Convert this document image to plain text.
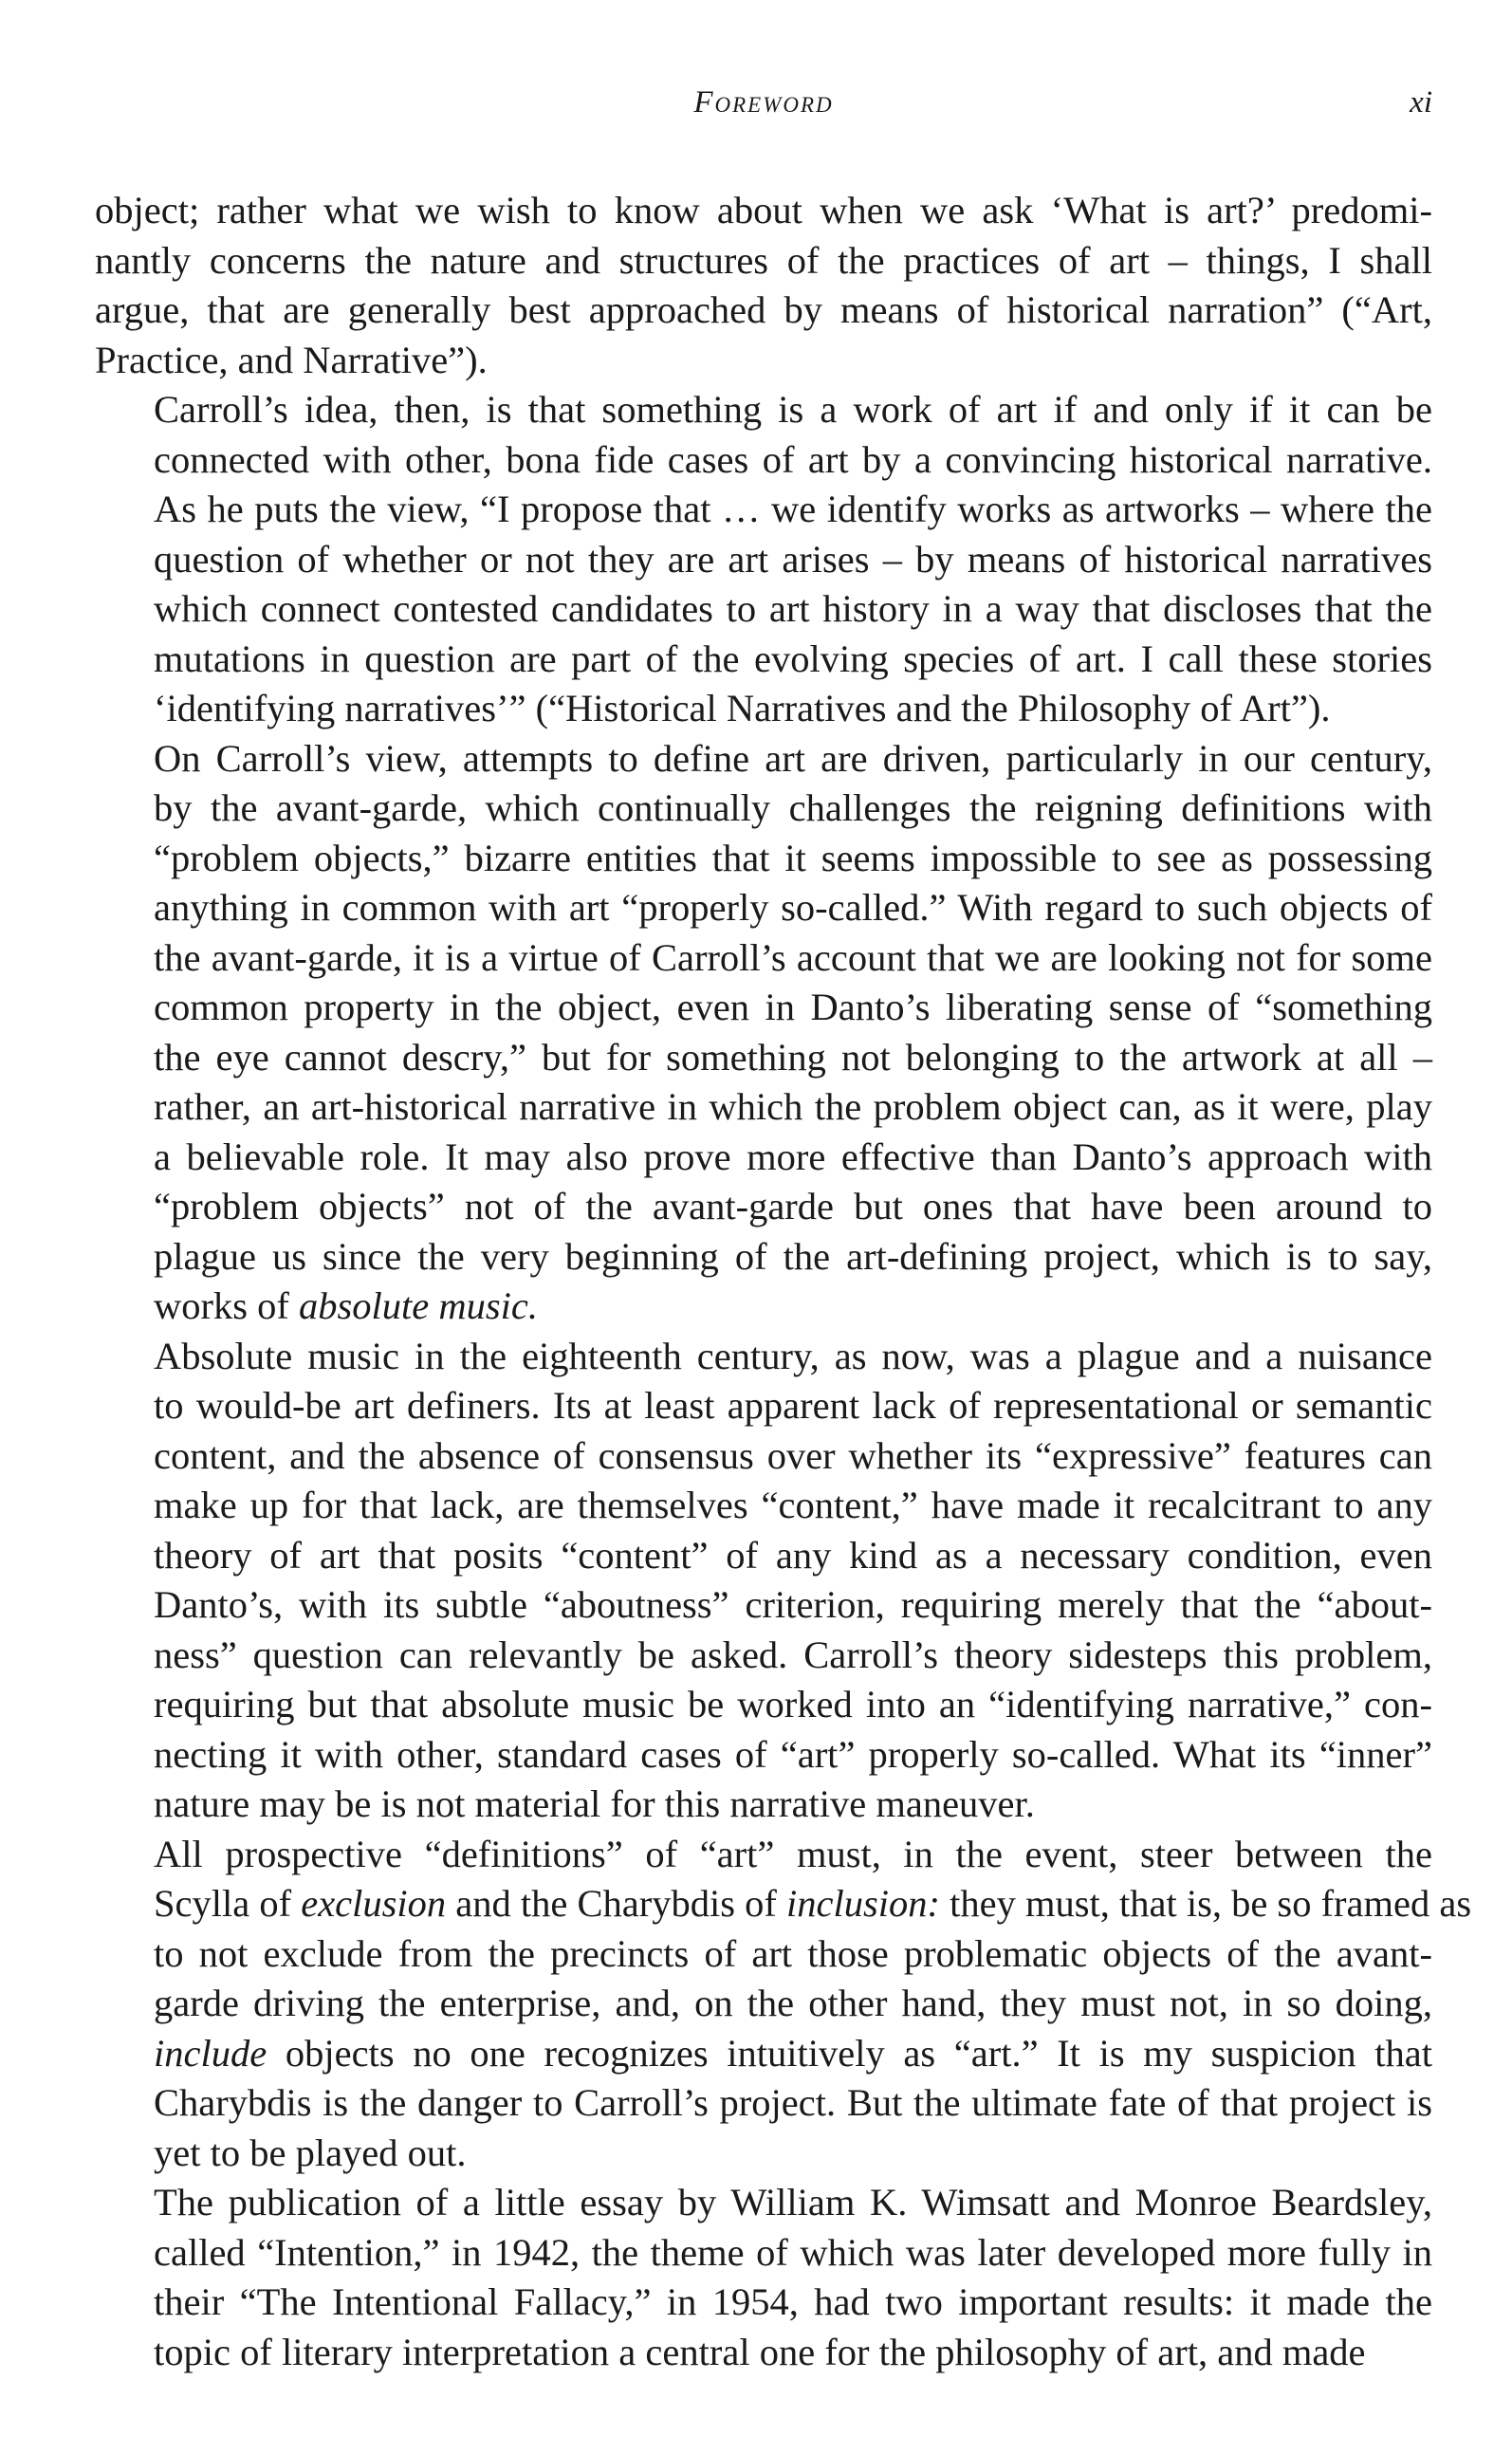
Foreword	xi

object; rather what we wish to know about when we ask ‘What is art?’ predomi-
nantly concerns the nature and structures of the practices of art – things, I shall
argue, that are generally best approached by means of historical narration” (“Art,
Practice, and Narrative”).

Carroll’s idea, then, is that something is a work of art if and only if it can be
connected with other, bona fide cases of art by a convincing historical narrative.
As he puts the view, “I propose that … we identify works as artworks – where the
question of whether or not they are art arises – by means of historical narratives
which connect contested candidates to art history in a way that discloses that the
mutations in question are part of the evolving species of art. I call these stories
‘identifying narratives’” (“Historical Narratives and the Philosophy of Art”).

On Carroll’s view, attempts to define art are driven, particularly in our century,
by the avant-garde, which continually challenges the reigning definitions with
“problem objects,” bizarre entities that it seems impossible to see as possessing
anything in common with art “properly so-called.” With regard to such objects of
the avant-garde, it is a virtue of Carroll’s account that we are looking not for some
common property in the object, even in Danto’s liberating sense of “something
the eye cannot descry,” but for something not belonging to the artwork at all –
rather, an art-historical narrative in which the problem object can, as it were, play
a believable role. It may also prove more effective than Danto’s approach with
“problem objects” not of the avant-garde but ones that have been around to
plague us since the very beginning of the art-defining project, which is to say,
works of absolute music.

Absolute music in the eighteenth century, as now, was a plague and a nuisance
to would-be art definers. Its at least apparent lack of representational or semantic
content, and the absence of consensus over whether its “expressive” features can
make up for that lack, are themselves “content,” have made it recalcitrant to any
theory of art that posits “content” of any kind as a necessary condition, even
Danto’s, with its subtle “aboutness” criterion, requiring merely that the “about-
ness” question can relevantly be asked. Carroll’s theory sidesteps this problem,
requiring but that absolute music be worked into an “identifying narrative,” con-
necting it with other, standard cases of “art” properly so-called. What its “inner”
nature may be is not material for this narrative maneuver.

All prospective “definitions” of “art” must, in the event, steer between the
Scylla of exclusion and the Charybdis of inclusion: they must, that is, be so framed as
to not exclude from the precincts of art those problematic objects of the avant-
garde driving the enterprise, and, on the other hand, they must not, in so doing,
include objects no one recognizes intuitively as “art.” It is my suspicion that
Charybdis is the danger to Carroll’s project. But the ultimate fate of that project is
yet to be played out.

The publication of a little essay by William K. Wimsatt and Monroe Beardsley,
called “Intention,” in 1942, the theme of which was later developed more fully in
their “The Intentional Fallacy,” in 1954, had two important results: it made the
topic of literary interpretation a central one for the philosophy of art, and made
